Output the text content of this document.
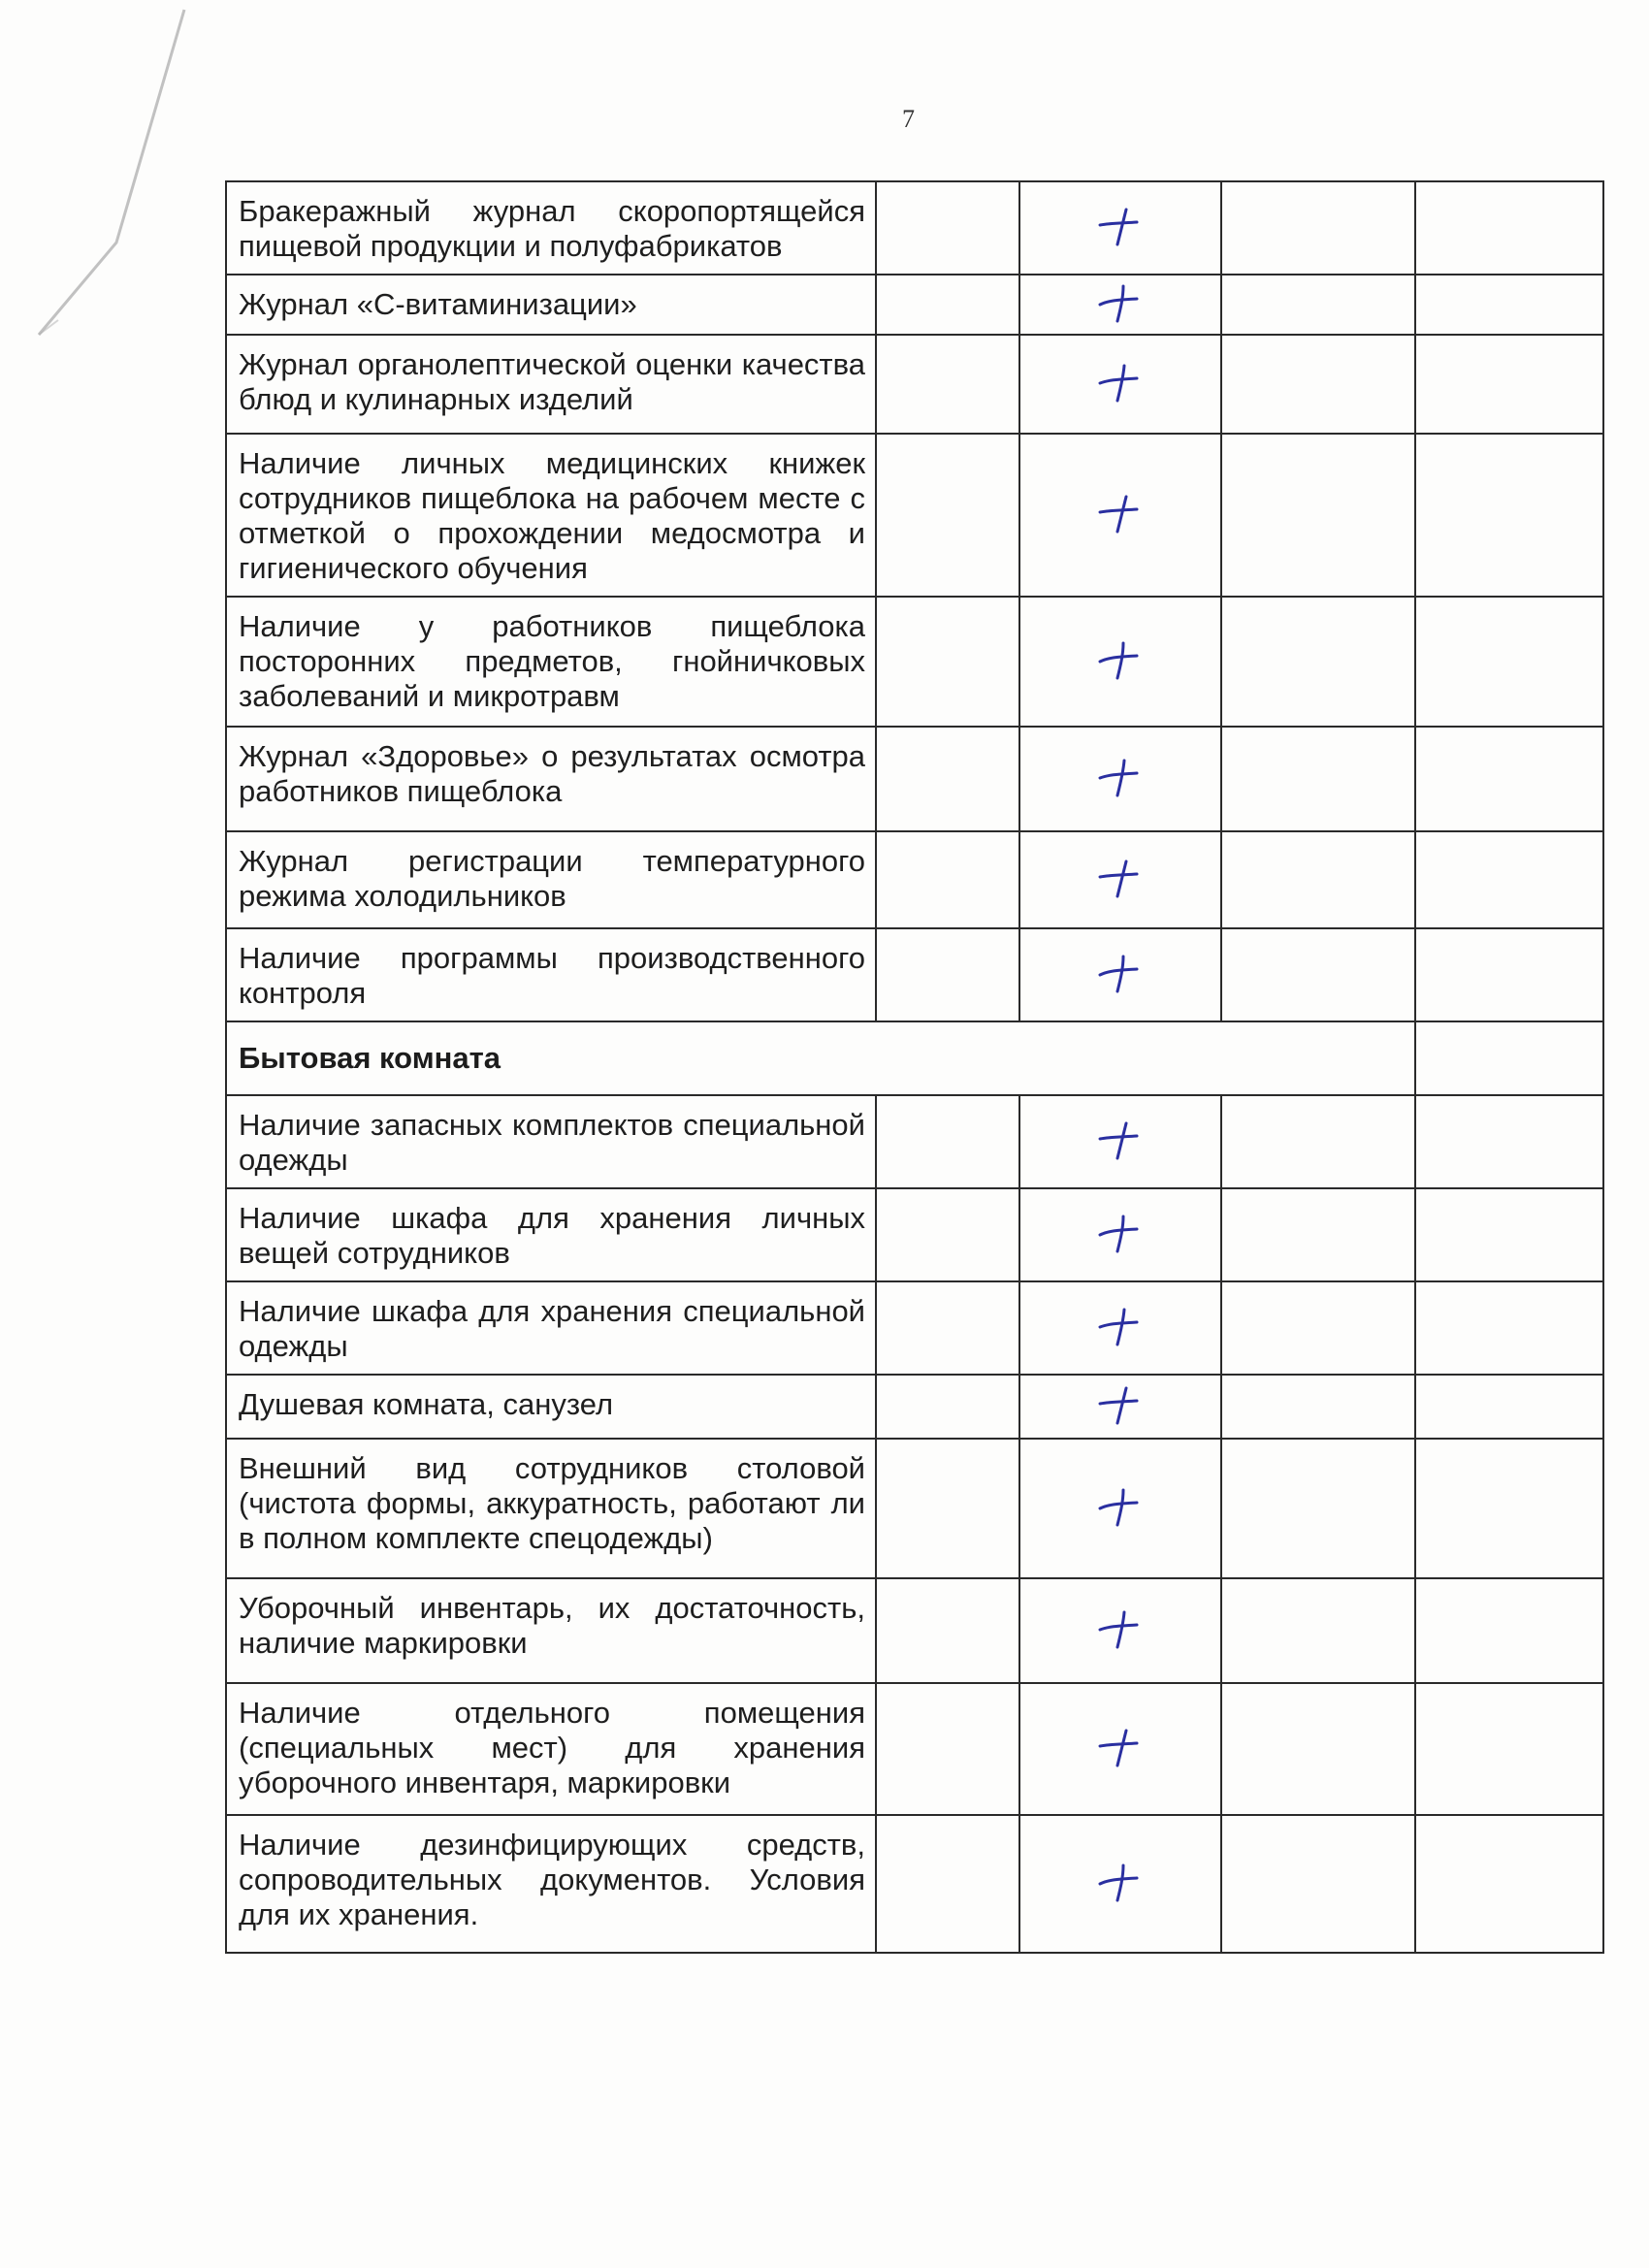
7
Бракеражный журнал скоропортящейся пищевой продукции и полуфабрикатов				
Журнал «С-витаминизации»				
Журнал органолептической оценки качества блюд и кулинарных изделий				
Наличие личных медицинских книжек сотрудников пищеблока на рабочем месте с отметкой о прохождении медосмотра и гигиенического обучения				
Наличие у работников пищеблока посторонних предметов, гнойничковых заболеваний и микротравм				
Журнал «Здоровье» о результатах осмотра работников пищеблока				
Журнал регистрации температурного режима холодильников				
Наличие программы производственного контроля				
Бытовая комната				
Наличие запасных комплектов специальной одежды				
Наличие шкафа для хранения личных вещей сотрудников				
Наличие шкафа для хранения специальной одежды				
Душевая комната, санузел				
Внешний вид сотрудников столовой (чистота формы, аккуратность, работают ли в полном комплекте спецодежды)				
Уборочный инвентарь, их достаточность, наличие маркировки				
Наличие отдельного помещения (специальных мест) для хранения уборочного инвентаря, маркировки				
Наличие дезинфицирующих средств, сопроводительных документов. Условия для их хранения.				
